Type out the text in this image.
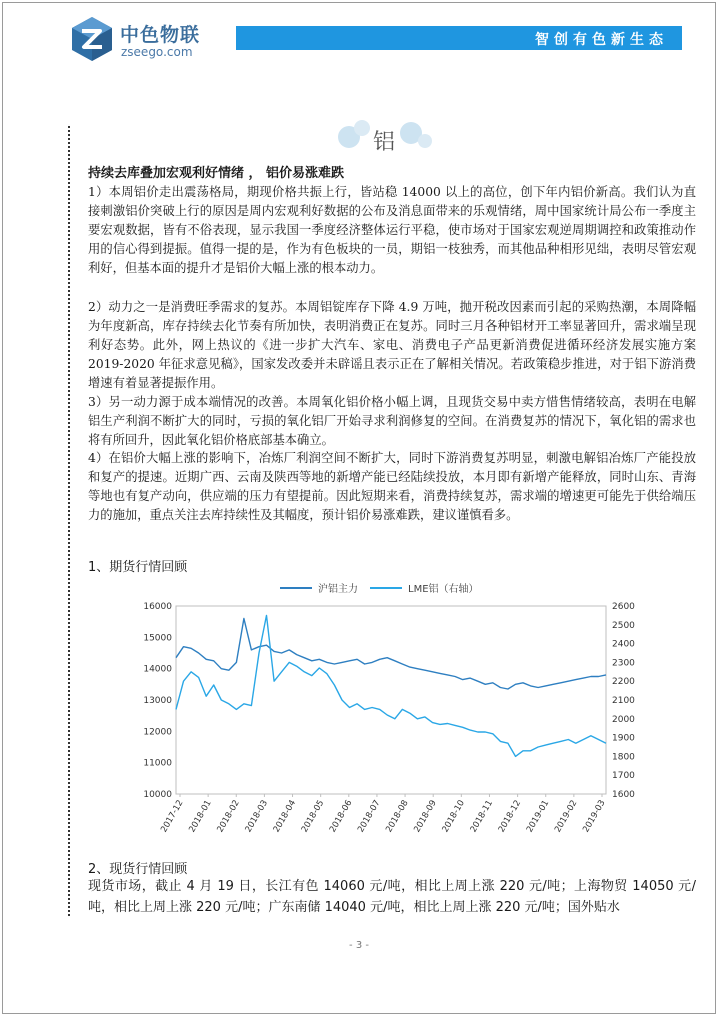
中色物联
zseego.com
智创有色新生态
铝
持续去库叠加宏观利好情绪 ， 铝价易涨难跌

1）本周铝价走出震荡格局，期现价格共振上行，皆站稳 14000 以上的高位，创下年内铝价新高。我们认为直接刺激铝价突破上行的原因是周内宏观利好数据的公布及消息面带来的乐观情绪，周中国家统计局公布一季度主要宏观数据，皆有不俗表现，显示我国一季度经济整体运行平稳，使市场对于国家宏观逆周期调控和政策推动作用的信心得到提振。值得一提的是，作为有色板块的一员，期铝一枝独秀，而其他品种相形见绌，表明尽管宏观利好，但基本面的提升才是铝价大幅上涨的根本动力。

2）动力之一是消费旺季需求的复苏。本周铝锭库存下降 4.9 万吨，抛开税改因素而引起的采购热潮，本周降幅为年度新高，库存持续去化节奏有所加快，表明消费正在复苏。同时三月各种铝材开工率显著回升，需求端呈现利好态势。此外，网上热议的《进一步扩大汽车、家电、消费电子产品更新消费促进循环经济发展实施方案 2019-2020 年征求意见稿》，国家发改委并未辟谣且表示正在了解相关情况。若政策稳步推进，对于铝下游消费增速有着显著提振作用。

3）另一动力源于成本端情况的改善。本周氧化铝价格小幅上调，且现货交易中卖方惜售情绪较高，表明在电解铝生产利润不断扩大的同时，亏损的氧化铝厂开始寻求利润修复的空间。在消费复苏的情况下，氧化铝的需求也将有所回升，因此氧化铝价格底部基本确立。

4）在铝价大幅上涨的影响下，冶炼厂利润空间不断扩大，同时下游消费复苏明显，刺激电解铝冶炼厂产能投放和复产的提速。近期广西、云南及陕西等地的新增产能已经陆续投放，本月即有新增产能释放，同时山东、青海等地也有复产动向，供应端的压力有望提前。因此短期来看，消费持续复苏，需求端的增速更可能先于供给端压力的施加，重点关注去库持续性及其幅度，预计铝价易涨难跌，建议谨慎看多。

1、期货行情回顾
沪铝主力	LME铝（右轴）
10000
11000
12000
13000
14000
15000
16000
1600
1700
1800
1900
2000
2100
2200
2300
2400
2500
2600
2017-12 2018-01 2018-02 2018-03 2018-04 2018-05 2018-06 2018-07 2018-08 2018-09 2018-10 2018-11 2018-12 2019-01 2019-02 2019-03
2、现货行情回顾

现货市场，截止 4 月 19 日，长江有色 14060 元/吨，相比上周上涨 220 元/吨；上海物贸 14050 元/吨，相比上周上涨 220 元/吨；广东南储 14040 元/吨，相比上周上涨 220 元/吨；国外贴水

- 3 -
